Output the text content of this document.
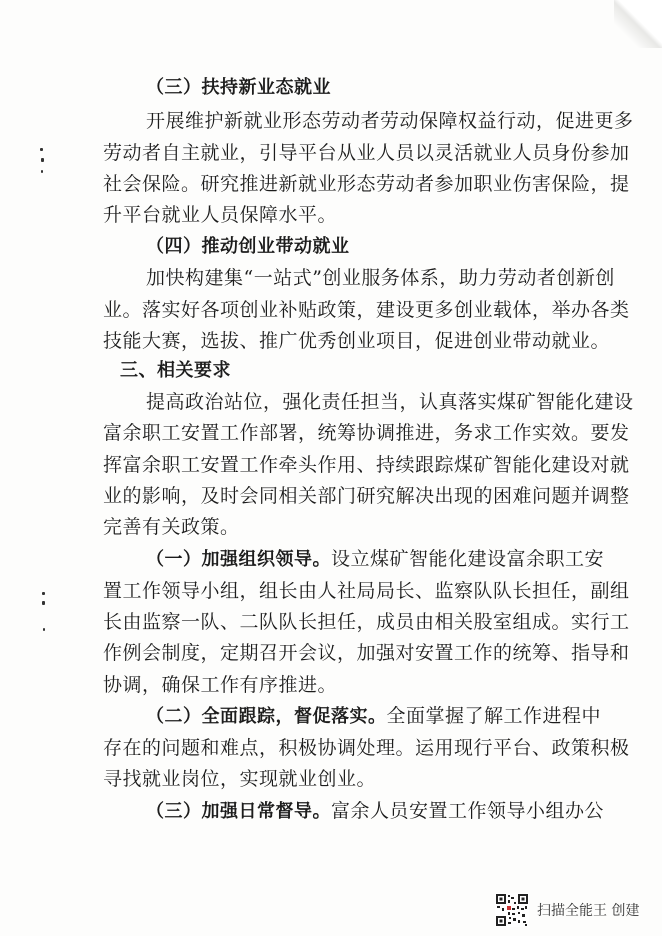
（三）扶持新业态就业
开展维护新就业形态劳动者劳动保障权益行动，促进更多
劳动者自主就业，引导平台从业人员以灵活就业人员身份参加
社会保险。研究推进新就业形态劳动者参加职业伤害保险，提
升平台就业人员保障水平。
（四）推动创业带动就业
加快构建集“一站式”创业服务体系，助力劳动者创新创
业。落实好各项创业补贴政策，建设更多创业载体，举办各类
技能大赛，选拔、推广优秀创业项目，促进创业带动就业。
三、相关要求
提高政治站位，强化责任担当，认真落实煤矿智能化建设
富余职工安置工作部署，统筹协调推进，务求工作实效。要发
挥富余职工安置工作牵头作用、持续跟踪煤矿智能化建设对就
业的影响，及时会同相关部门研究解决出现的困难问题并调整
完善有关政策。
（一）加强组织领导。设立煤矿智能化建设富余职工安
置工作领导小组，组长由人社局局长、监察队队长担任，副组
长由监察一队、二队队长担任，成员由相关股室组成。实行工
作例会制度，定期召开会议，加强对安置工作的统筹、指导和
协调，确保工作有序推进。
（二）全面跟踪，督促落实。全面掌握了解工作进程中
存在的问题和难点，积极协调处理。运用现行平台、政策积极
寻找就业岗位，实现就业创业。
（三）加强日常督导。富余人员安置工作领导小组办公
扫描全能王 创建
